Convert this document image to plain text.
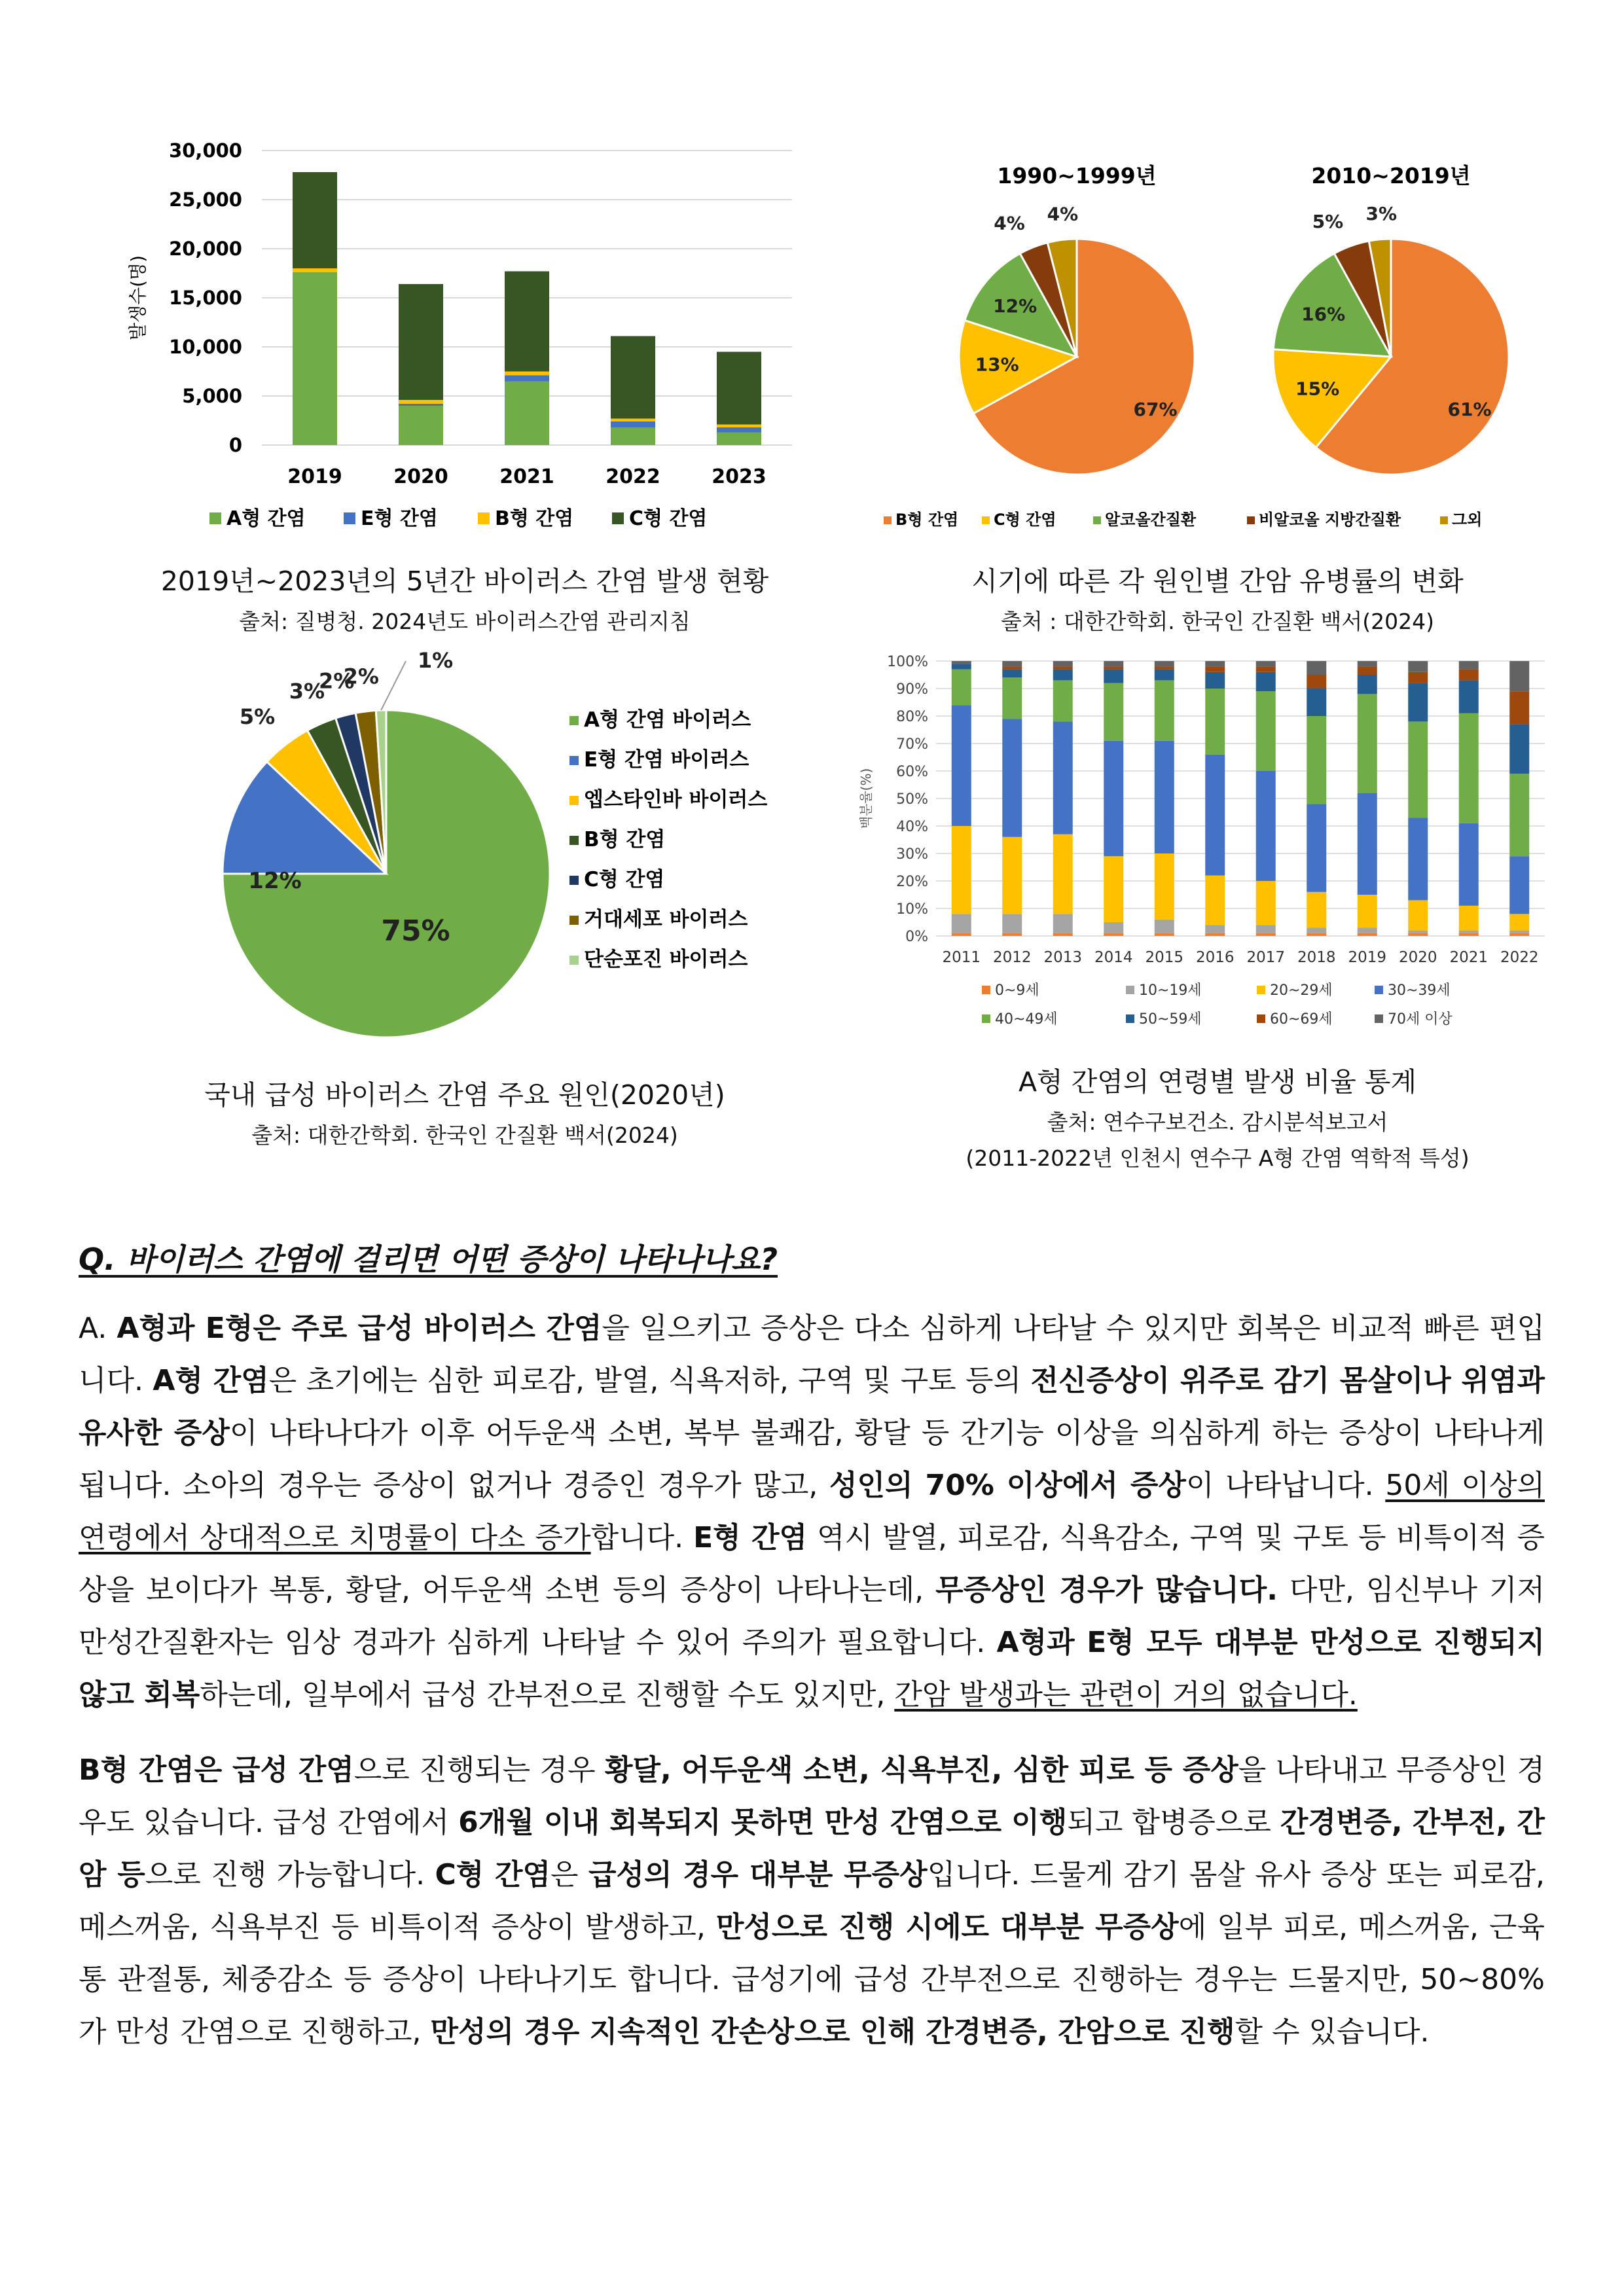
발생수(명)
30,000
25,000
20,000
15,000
10,000
5,000
0
2019	2020	2021	2022	2023
A형 간염	E형 간염	B형 간염	C형 간염
2019년~2023년의 5년간 바이러스 간염 발생 현황
출처: 질병청. 2024년도 바이러스간염 관리지침
1990~1999년
67%
13%
12%
4% 4%
2010~2019년
61%
15%
16%
5% 3%
B형 간염 C형 간염	알코올간질환	비알코올 지방간질환	그외
시기에 따른 각 원인별 간암 유병률의 변화
출처 : 대한간학회. 한국인 간질환 백서(2024)
75%
12%
5%
3%
2%
2%
1%
A형 간염 바이러스
E형 간염 바이러스
엡스타인바 바이러스
B형 간염
C형 간염
거대세포 바이러스
단순포진 바이러스
국내 급성 바이러스 간염 주요 원인(2020년)
출처: 대한간학회. 한국인 간질환 백서(2024)
백분율(%)
100%
90%
80%
70%
60%
50%
40%
30%
20%
10%
0%
2011 2012 2013 2014 2015 2016 2017 2018 2019 2020 2021 2022
0~9세	10~19세	20~29세	30~39세
40~49세	50~59세	60~69세	70세 이상
A형 간염의 연령별 발생 비율 통계
출처: 연수구보건소. 감시분석보고서
(2011-2022년 인천시 연수구 A형 간염 역학적 특성)
Q. 바이러스 간염에 걸리면 어떤 증상이 나타나나요?
A. A형과 E형은 주로 급성 바이러스 간염을 일으키고 증상은 다소 심하게 나타날 수 있지만 회복은 비교적 빠른 편입니다. A형 간염은 초기에는 심한 피로감, 발열, 식욕저하, 구역 및 구토 등의 전신증상이 위주로 감기 몸살이나 위염과 유사한 증상이 나타나다가 이후 어두운색 소변, 복부 불쾌감, 황달 등 간기능 이상을 의심하게 하는 증상이 나타나게 됩니다. 소아의 경우는 증상이 없거나 경증인 경우가 많고, 성인의 70% 이상에서 증상이 나타납니다. 50세 이상의 연령에서 상대적으로 치명률이 다소 증가합니다. E형 간염 역시 발열, 피로감, 식욕감소, 구역 및 구토 등 비특이적 증상을 보이다가 복통, 황달, 어두운색 소변 등의 증상이 나타나는데, 무증상인 경우가 많습니다. 다만, 임신부나 기저 만성간질환자는 임상 경과가 심하게 나타날 수 있어 주의가 필요합니다. A형과 E형 모두 대부분 만성으로 진행되지 않고 회복하는데, 일부에서 급성 간부전으로 진행할 수도 있지만, 간암 발생과는 관련이 거의 없습니다.
B형 간염은 급성 간염으로 진행되는 경우 황달, 어두운색 소변, 식욕부진, 심한 피로 등 증상을 나타내고 무증상인 경우도 있습니다. 급성 간염에서 6개월 이내 회복되지 못하면 만성 간염으로 이행되고 합병증으로 간경변증, 간부전, 간암 등으로 진행 가능합니다. C형 간염은 급성의 경우 대부분 무증상입니다. 드물게 감기 몸살 유사 증상 또는 피로감, 메스꺼움, 식욕부진 등 비특이적 증상이 발생하고, 만성으로 진행 시에도 대부분 무증상에 일부 피로, 메스꺼움, 근육통 관절통, 체중감소 등 증상이 나타나기도 합니다. 급성기에 급성 간부전으로 진행하는 경우는 드물지만, 50~80%가 만성 간염으로 진행하고, 만성의 경우 지속적인 간손상으로 인해 간경변증, 간암으로 진행할 수 있습니다.
